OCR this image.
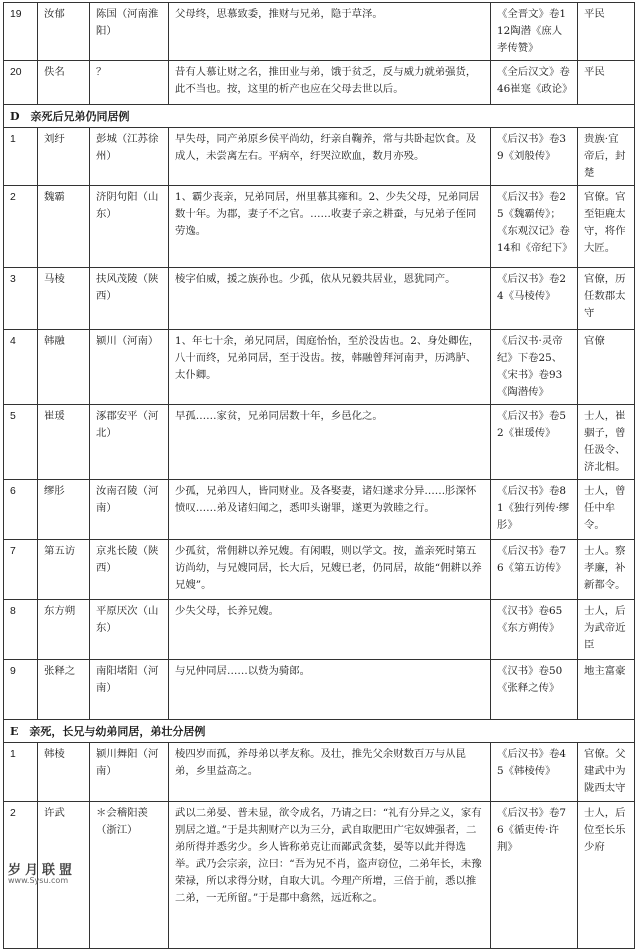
19	汝郁	陈国（河南淮阳）	父母终，思慕致委，推财与兄弟，隐于草泽。	《全晋文》卷112陶潜《庶人孝传赞》	平民
20	佚名	？	昔有人慕让财之名，推田业与弟，饿于贫乏，反与威力就弟强货，此不当也。按，这里的析产也应在父母去世以后。	《全后汉文》卷46崔寔《政论》	平民
D　亲死后兄弟仍同居例					
1	刘纡	彭城（江苏徐州）	早失母，同产弟原乡侯平尚幼，纡亲自鞠养，常与共卧起饮食。及成人，未尝离左右。平病卒，纡哭泣欧血，数月亦殁。	《后汉书》卷39《刘般传》	贵族·宜帝后，封楚
2	魏霸	济阴句阳（山东）	1、霸少丧亲，兄弟同居，州里慕其雍和。2、少失父母，兄弟同居数十年。为郡，妻子不之官。……收妻子亲之耕蚕，与兄弟子侄同劳逸。	《后汉书》卷25《魏霸传》；《东观汉记》卷14和《帝纪下》	官僚。官至钜鹿太守，将作大匠。
3	马棱	扶风茂陵（陕西）	棱字伯威，援之族孙也。少孤，依从兄毅共居业，恩犹同产。	《后汉书》卷24《马棱传》	官僚，历任数郡太守
4	韩融	颍川（河南）	1、年七十余，弟兄同居，闺庭怡怡，至於没齿也。2、身处卿佐，八十而终，兄弟同居，至于没齿。按，韩融曾拜河南尹，历鸿胪、太仆卿。	《后汉书·灵帝纪》下卷25、《宋书》卷93《陶潜传》	官僚
5	崔瑗	涿郡安平（河北）	早孤……家贫，兄弟同居数十年，乡邑化之。	《后汉书》卷52《崔瑗传》	士人，崔骃子，曾任汲令、济北相。
6	缪肜	汝南召陵（河南）	少孤，兄弟四人，皆同财业。及各娶妻，诸妇遂求分异……肜深怀愤叹……弟及诸妇闻之，悉叩头谢罪，遂更为敦睦之行。	《后汉书》卷81《独行列传·缪肜》	士人，曾任中牟令。
7	第五访	京兆长陵（陕西）	少孤贫，常佣耕以养兄嫂。有闲暇，则以学文。按，盖亲死时第五访尚幼，与兄嫂同居，长大后，兄嫂已老，仍同居，故能“佣耕以养兄嫂”。	《后汉书》卷76《第五访传》	士人。察孝廉，补新都令。
8	东方朔	平原厌次（山东）	少失父母，长养兄嫂。	《汉书》卷65《东方朔传》	士人，后为武帝近臣
9	张释之	南阳堵阳（河南）	与兄仲同居……以赀为骑郎。	《汉书》卷50《张释之传》	地主富豪
E　亲死，长兄与幼弟同居，弟壮分居例					
1	韩棱	颍川舞阳（河南）	棱四岁而孤，养母弟以孝友称。及壮，推先父余财数百万与从昆弟，乡里益高之。	《后汉书》卷45《韩棱传》	官僚。父建武中为陇西太守
2	许武	＊会稽阳羡（浙江）	武以二弟晏、普未显，欲令成名，乃请之曰：“礼有分异之义，家有别居之道。”于是共割财产以为三分，武自取肥田广宅奴婢强者，二弟所得并悉劣少。乡人皆称弟克让而鄙武贪婪，晏等以此并得选举。武乃会宗亲，泣曰：“吾为兄不肖，盗声窃位，二弟年长，未豫荣禄，所以求得分财，自取大讥。今理产所增，三倍于前，悉以推二弟，一无所留。”于是郡中翕然，远近称之。	《后汉书》卷76《循吏传·许荆》	士人，后位至长乐少府
岁月联盟
www.Sysu.com
